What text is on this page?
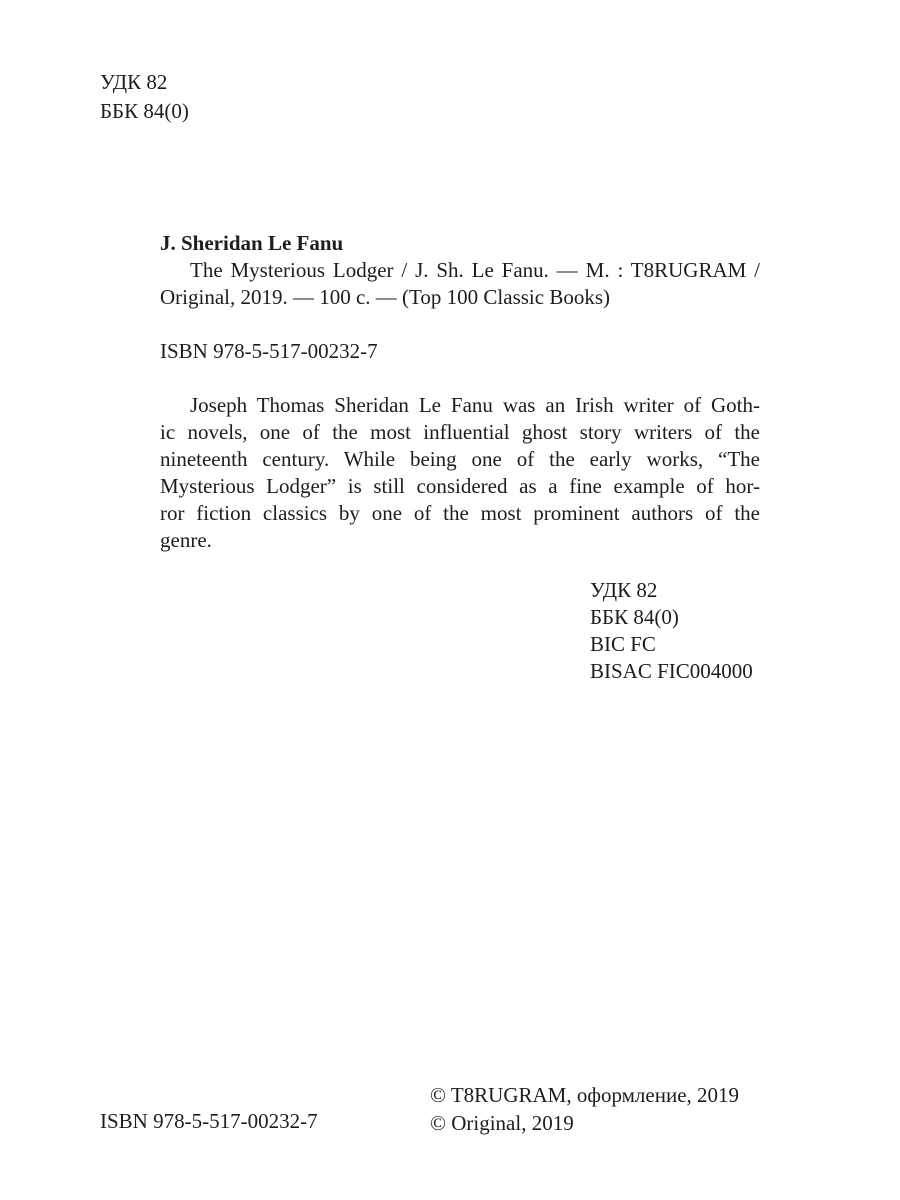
УДК 82
ББК 84(0)
J. Sheridan Le Fanu
The Mysterious Lodger / J. Sh. Le Fanu. — M. : T8RUGRAM /
Original, 2019. — 100 с. — (Top 100 Classic Books)
ISBN 978-5-517-00232-7
Joseph Thomas Sheridan Le Fanu was an Irish writer of Goth-
ic novels, one of the most influential ghost story writers of the
nineteenth century. While being one of the early works, “The
Mysterious Lodger” is still considered as a fine example of hor-
ror fiction classics by one of the most prominent authors of the
genre.
УДК 82
ББК 84(0)
BIC FC
BISAC FIC004000
ISBN 978-5-517-00232-7
© T8RUGRAM, оформление, 2019
© Original, 2019
